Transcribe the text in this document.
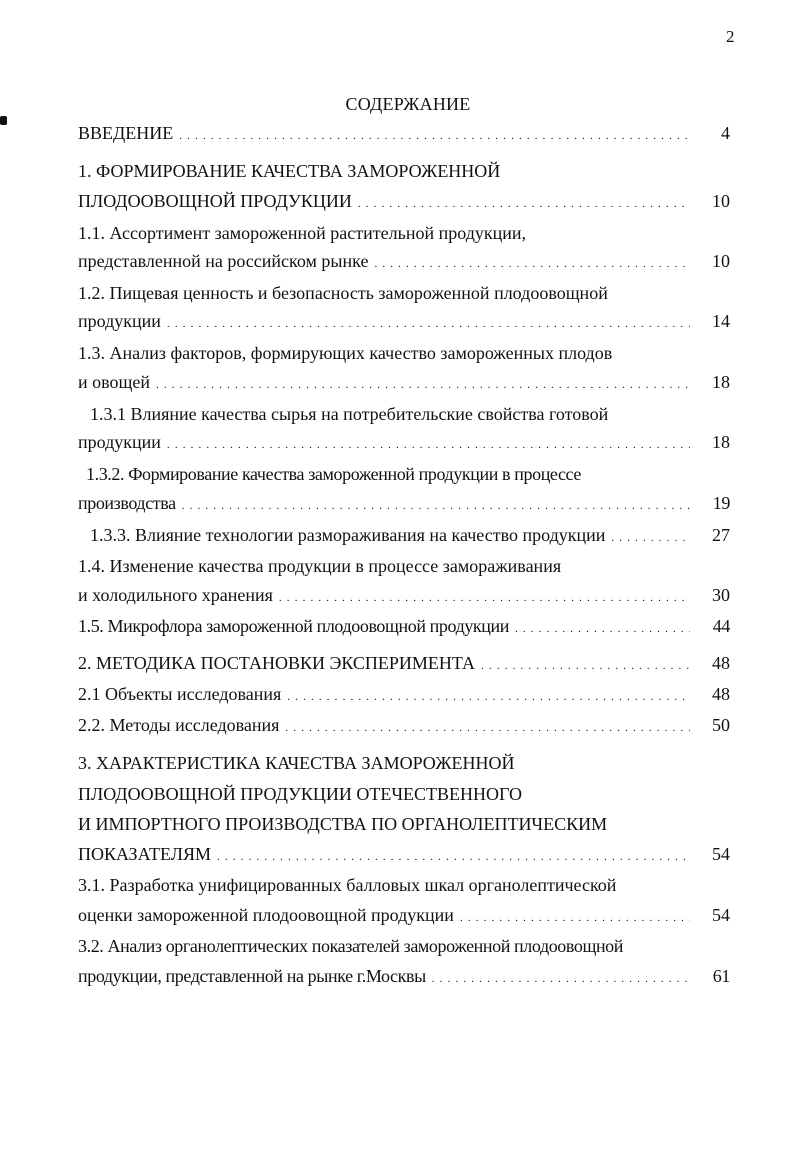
2
СОДЕРЖАНИЕ
ВВЕДЕНИЕ . . .	4
1. ФОРМИРОВАНИЕ КАЧЕСТВА ЗАМОРОЖЕННОЙ
ПЛОДООВОЩНОЙ ПРОДУКЦИИ . . .	10
1.1. Ассортимент замороженной растительной продукции,
представленной на российском рынке . . .	10
1.2. Пищевая ценность и безопасность замороженной плодоовощной
продукции . . .	14
1.3. Анализ факторов, формирующих качество замороженных плодов
и овощей . . .	18
1.3.1 Влияние качества сырья на потребительские свойства готовой
продукции . . .	18
1.3.2. Формирование качества замороженной продукции в процессе
производства . . .	19
1.3.3. Влияние технологии размораживания на качество продукции . . .	27
1.4. Изменение качества продукции в процессе замораживания
и холодильного хранения . . .	30
1.5. Микрофлора замороженной плодоовощной продукции . . .	44
2. МЕТОДИКА ПОСТАНОВКИ ЭКСПЕРИМЕНТА . . .	48
2.1 Объекты исследования . . .	48
2.2. Методы исследования . . .	50
3. ХАРАКТЕРИСТИКА КАЧЕСТВА ЗАМОРОЖЕННОЙ
ПЛОДООВОЩНОЙ ПРОДУКЦИИ ОТЕЧЕСТВЕННОГО
И ИМПОРТНОГО ПРОИЗВОДСТВА ПО ОРГАНОЛЕПТИЧЕСКИМ
ПОКАЗАТЕЛЯМ . . .	54
3.1. Разработка унифицированных балловых шкал органолептической
оценки замороженной плодоовощной продукции . . .	54
3.2. Анализ органолептических показателей замороженной плодоовощной
продукции, представленной на рынке г.Москвы . . .	61
